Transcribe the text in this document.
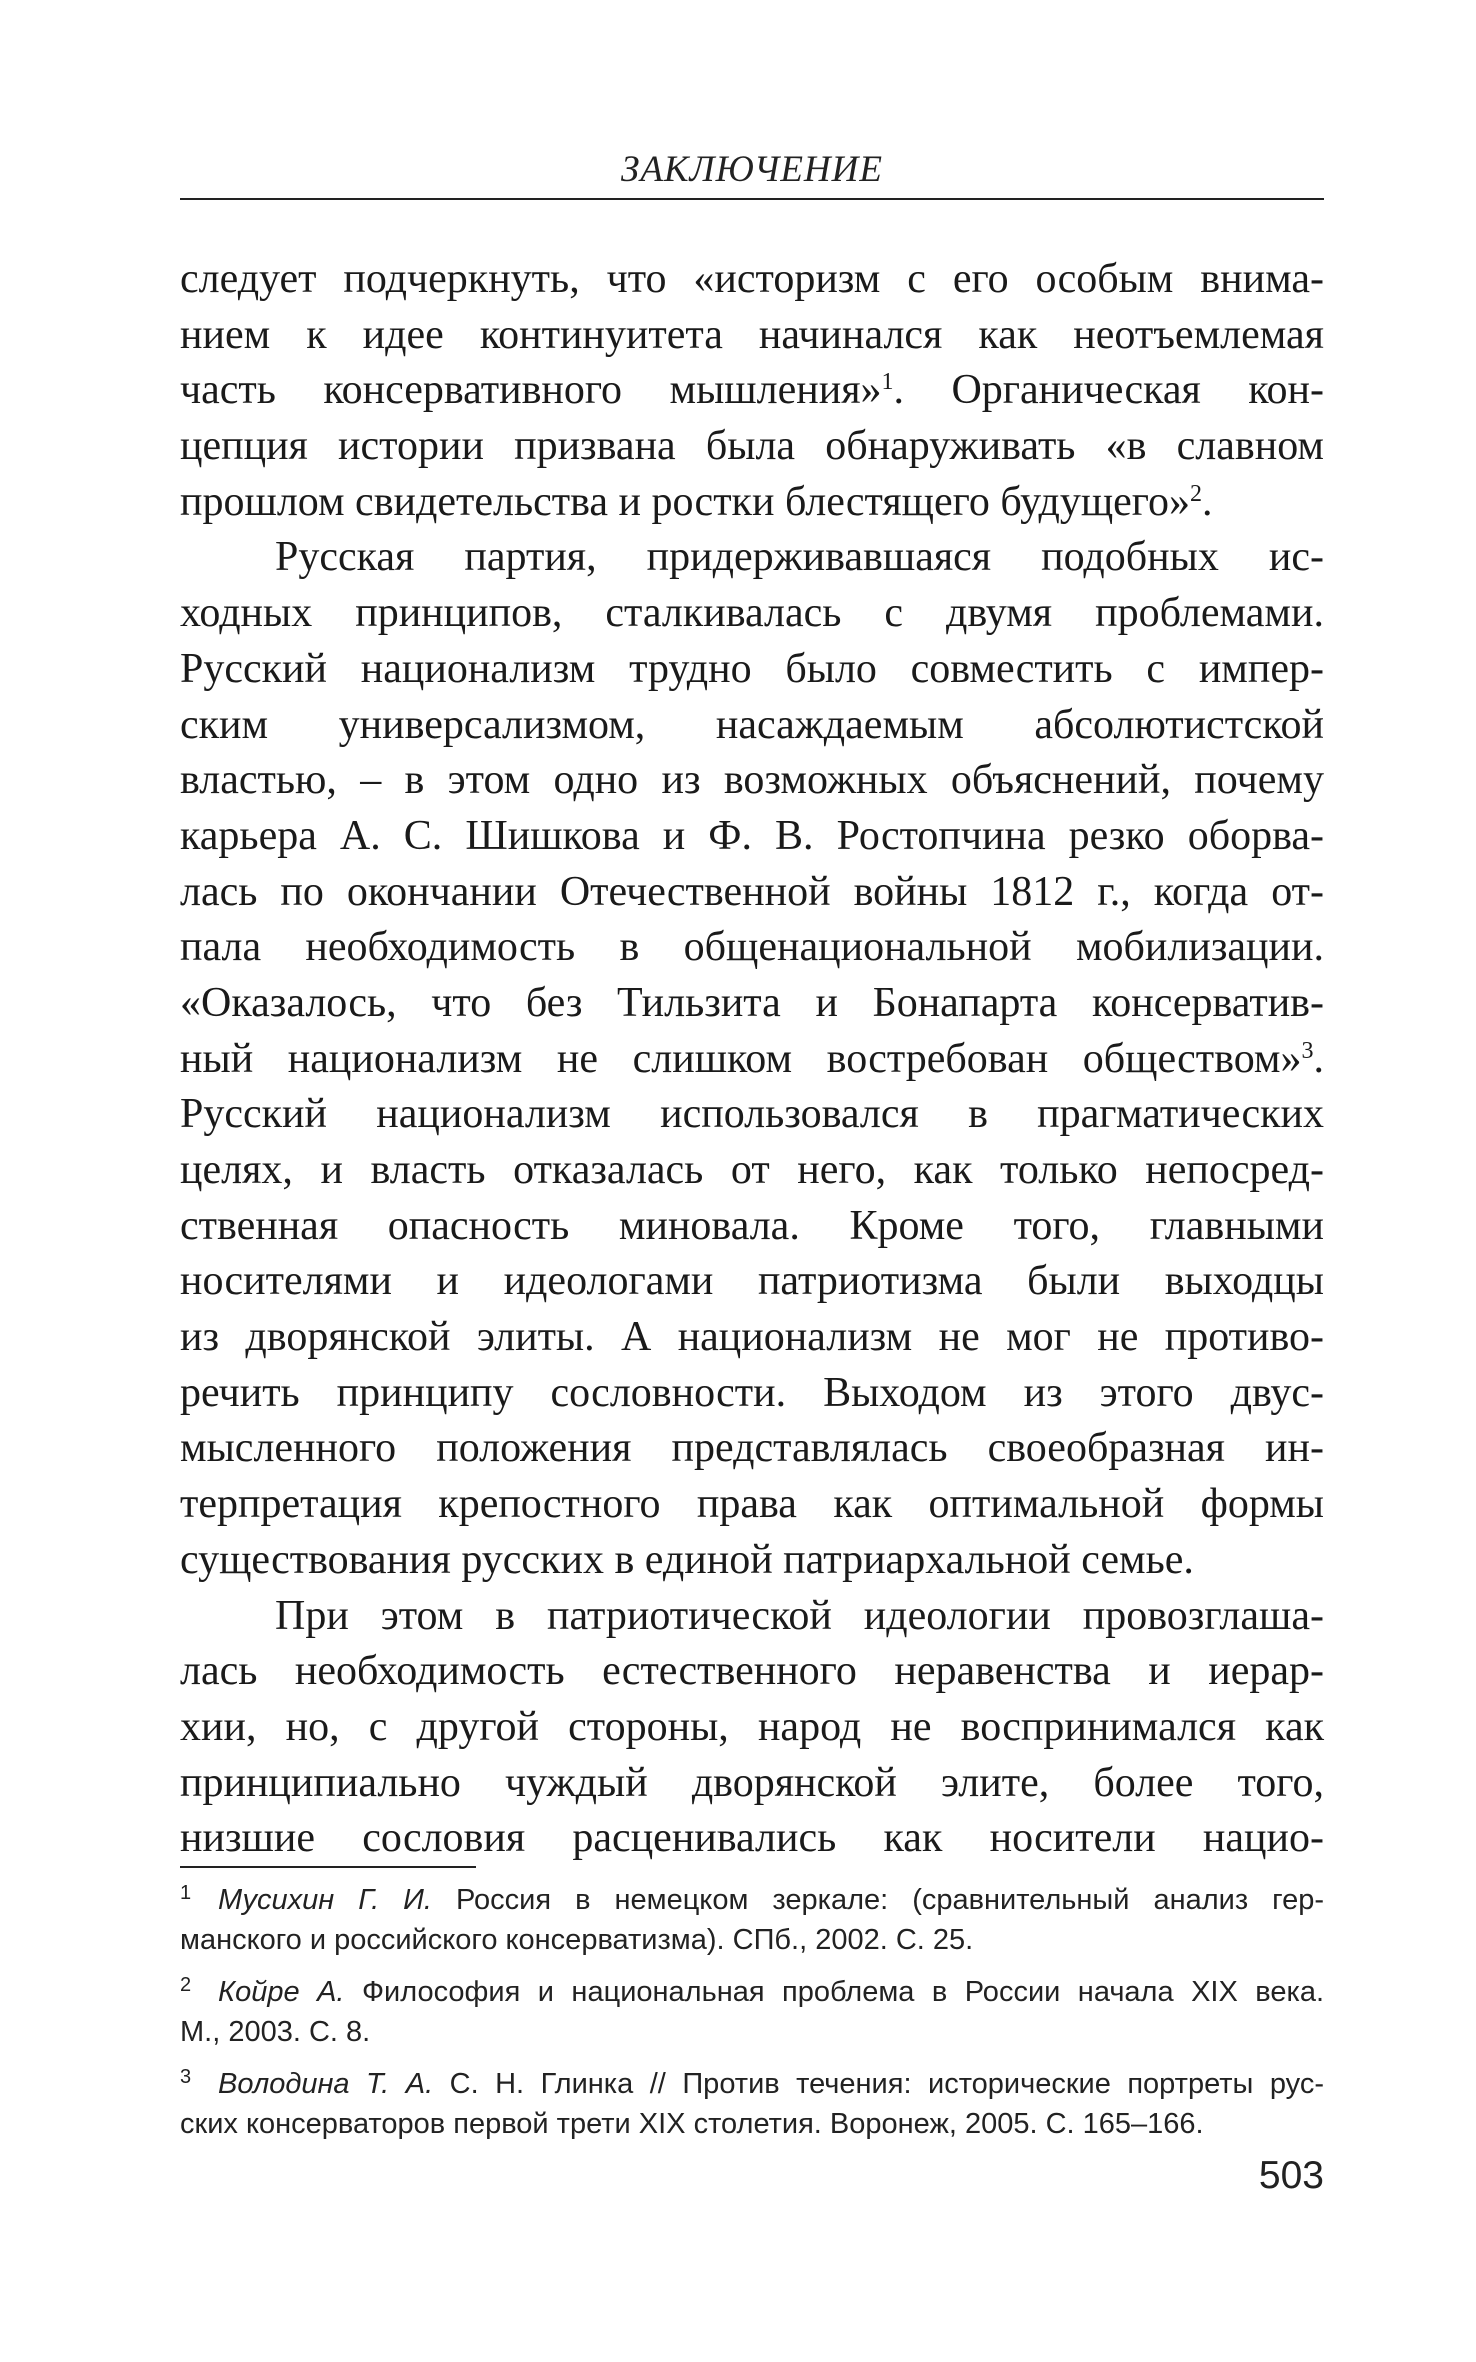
ЗАКЛЮЧЕНИЕ
следует подчеркнуть, что «историзм с его особым внима-
нием к идее континуитета начинался как неотъемлемая
часть консервативного мышления»$^1$. Органическая кон-
цепция истории призвана была обнаруживать «в славном
прошлом свидетельства и ростки блестящего будущего»$^2$.
Русская партия, придерживавшаяся подобных ис-
ходных принципов, сталкивалась с двумя проблемами.
Русский национализм трудно было совместить с импер-
ским универсализмом, насаждаемым абсолютистской
властью, – в этом одно из возможных объяснений, почему
карьера А. С. Шишкова и Ф. В. Ростопчина резко оборва-
лась по окончании Отечественной войны 1812 г., когда от-
пала необходимость в общенациональной мобилизации.
«Оказалось, что без Тильзита и Бонапарта консерватив-
ный национализм не слишком востребован обществом»$^3$.
Русский национализм использовался в прагматических
целях, и власть отказалась от него, как только непосред-
ственная опасность миновала. Кроме того, главными
носителями и идеологами патриотизма были выходцы
из дворянской элиты. А национализм не мог не противо-
речить принципу сословности. Выходом из этого двус-
мысленного положения представлялась своеобразная ин-
терпретация крепостного права как оптимальной формы
существования русских в единой патриархальной семье.
При этом в патриотической идеологии провозглаша-
лась необходимость естественного неравенства и иерар-
хии, но, с другой стороны, народ не воспринимался как
принципиально чуждый дворянской элите, более того,
низшие сословия расценивались как носители нацио-
$^1$ Мусихин Г. И. Россия в немецком зеркале: (сравнительный анализ гер-
манского и российского консерватизма). СПб., 2002. С. 25.
$^2$ Койре А. Философия и национальная проблема в России начала XIX века.
М., 2003. С. 8.
$^3$ Володина Т. А. С. Н. Глинка // Против течения: исторические портреты рус-
ских консерваторов первой трети XIX столетия. Воронеж, 2005. С. 165–166.
503
